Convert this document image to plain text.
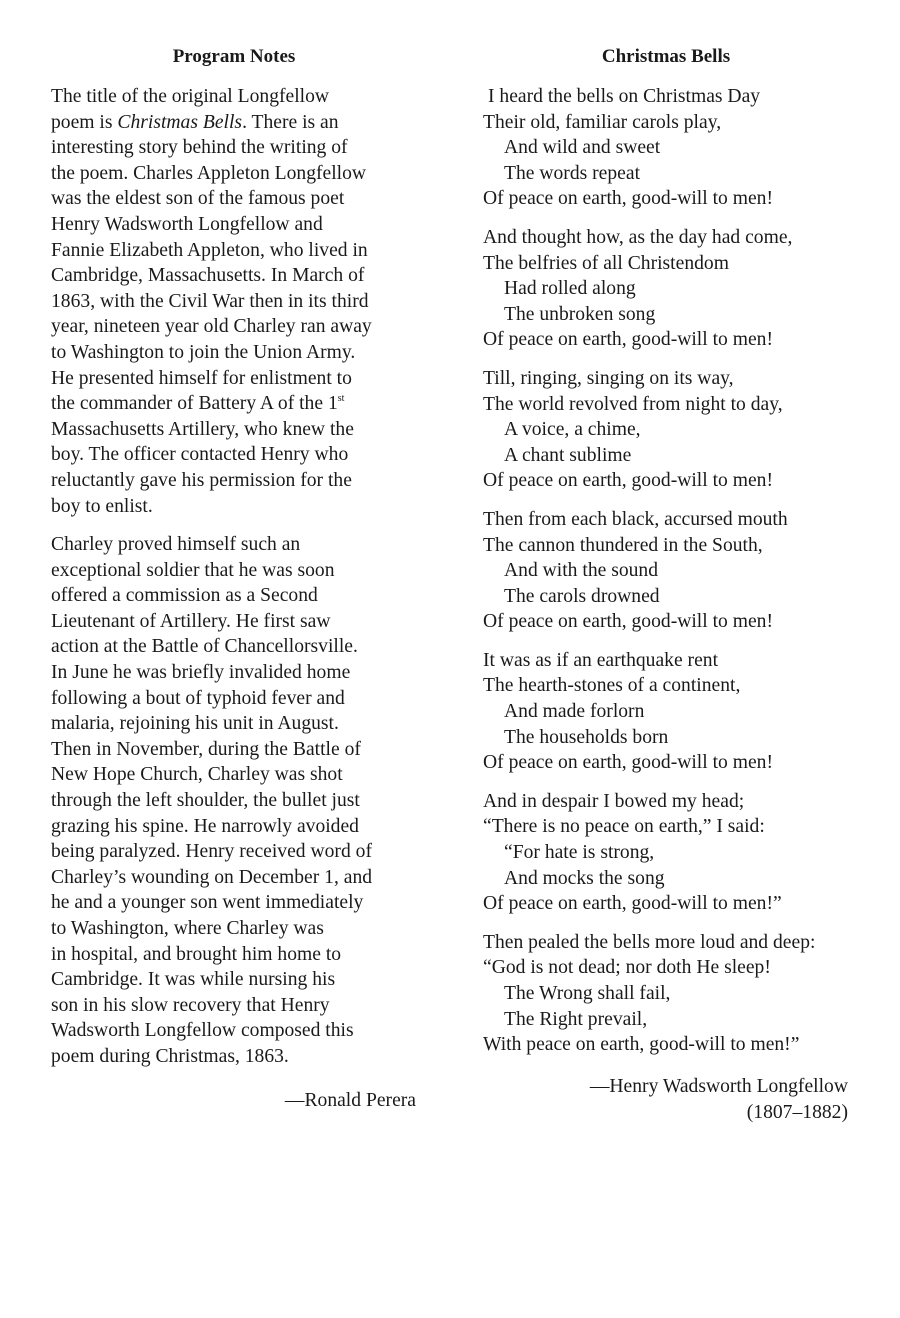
Program Notes	Christmas Bells

The title of the original Longfellow
poem is Christmas Bells. There is an
interesting story behind the writing of
the poem. Charles Appleton Longfellow
was the eldest son of the famous poet
Henry Wadsworth Longfellow and
Fannie Elizabeth Appleton, who lived in
Cambridge, Massachusetts. In March of
1863, with the Civil War then in its third
year, nineteen year old Charley ran away
to Washington to join the Union Army.
He presented himself for enlistment to
the commander of Battery A of the 1st
Massachusetts Artillery, who knew the
boy. The officer contacted Henry who
reluctantly gave his permission for the
boy to enlist.

Charley proved himself such an
exceptional soldier that he was soon
offered a commission as a Second
Lieutenant of Artillery. He first saw
action at the Battle of Chancellorsville.
In June he was briefly invalided home
following a bout of typhoid fever and
malaria, rejoining his unit in August.
Then in November, during the Battle of
New Hope Church, Charley was shot
through the left shoulder, the bullet just
grazing his spine. He narrowly avoided
being paralyzed. Henry received word of
Charley’s wounding on December 1, and
he and a younger son went immediately
to Washington, where Charley was
in hospital, and brought him home to
Cambridge. It was while nursing his
son in his slow recovery that Henry
Wadsworth Longfellow composed this
poem during Christmas, 1863.

—Ronald Perera
I heard the bells on Christmas Day
Their old, familiar carols play,
And wild and sweet
The words repeat
Of peace on earth, good-will to men!
And thought how, as the day had come,
The belfries of all Christendom
Had rolled along
The unbroken song
Of peace on earth, good-will to men!
Till, ringing, singing on its way,
The world revolved from night to day,
A voice, a chime,
A chant sublime
Of peace on earth, good-will to men!
Then from each black, accursed mouth
The cannon thundered in the South,
And with the sound
The carols drowned
Of peace on earth, good-will to men!
It was as if an earthquake rent
The hearth-stones of a continent,
And made forlorn
The households born
Of peace on earth, good-will to men!
And in despair I bowed my head;
“There is no peace on earth,” I said:
“For hate is strong,
And mocks the song
Of peace on earth, good-will to men!”
Then pealed the bells more loud and deep:
“God is not dead; nor doth He sleep!
The Wrong shall fail,
The Right prevail,
With peace on earth, good-will to men!”
—Henry Wadsworth Longfellow
(1807–1882)
